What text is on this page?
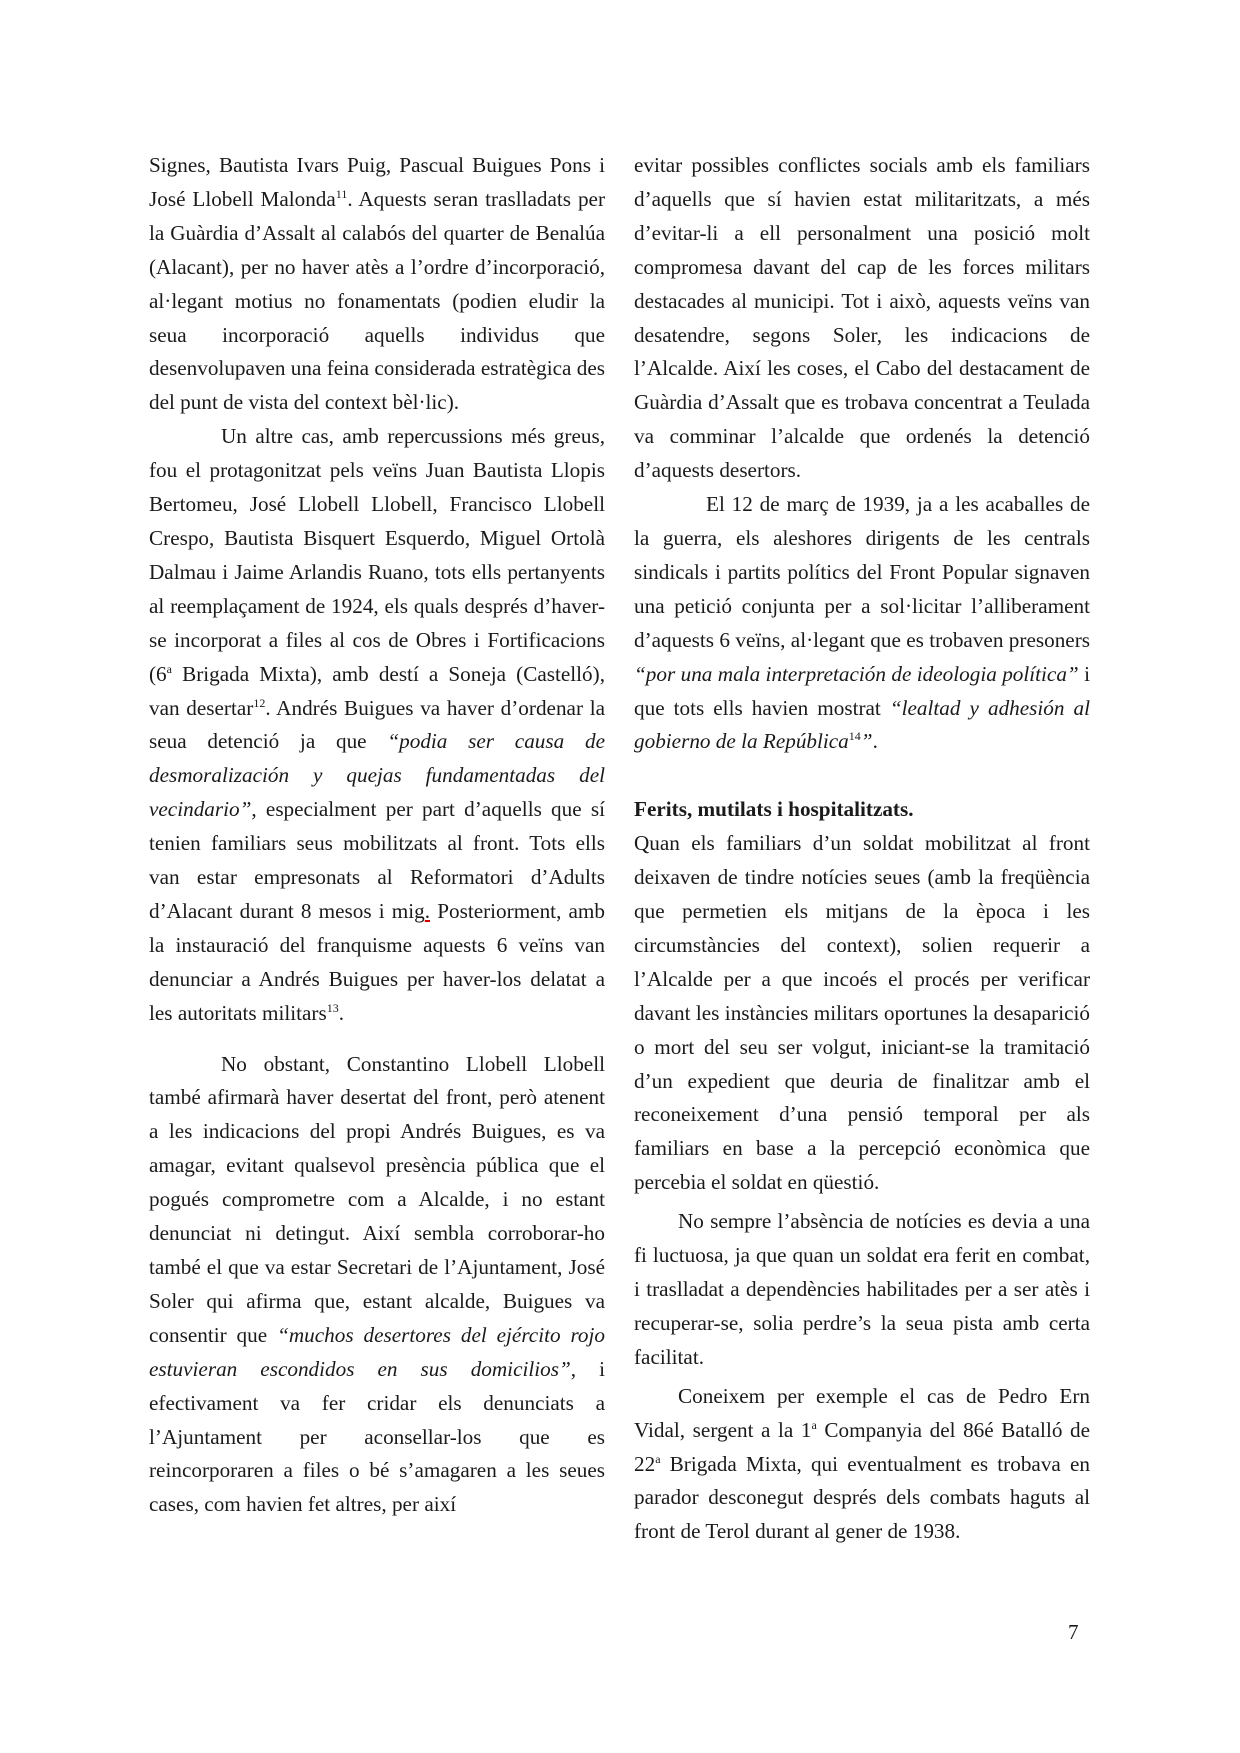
Signes, Bautista Ivars Puig, Pascual Buigues Pons i José Llobell Malonda$^{11}$. Aquests seran traslladats per la Guàrdia d’Assalt al calabós del quarter de Benalúa (Alacant), per no haver atès a l’ordre d’incorporació, al·legant motius no fonamentats (podien eludir la seua incorporació aquells individus que desenvolupaven una feina considerada estratègica des del punt de vista del context bèl·lic).

Un altre cas, amb repercussions més greus, fou el protagonitzat pels veïns Juan Bautista Llopis Bertomeu, José Llobell Llobell, Francisco Llobell Crespo, Bautista Bisquert Esquerdo, Miguel Ortolà Dalmau i Jaime Arlandis Ruano, tots ells pertanyents al reemplaçament de 1924, els quals després d’haver-se incorporat a files al cos de Obres i Fortificacions (6$^a$ Brigada Mixta), amb destí a Soneja (Castelló), van desertar$^{12}$. Andrés Buigues va haver d’ordenar la seua detenció ja que “podia ser causa de desmoralización y quejas fundamentadas del vecindario”, especialment per part d’aquells que sí tenien familiars seus mobilitzats al front. Tots ells van estar empresonats al Reformatori d’Adults d’Alacant durant 8 mesos i mig. Posteriorment, amb la instauració del franquisme aquests 6 veïns van denunciar a Andrés Buigues per haver-los delatat a les autoritats militars$^{13}$.

No obstant, Constantino Llobell Llobell també afirmarà haver desertat del front, però atenent a les indicacions del propi Andrés Buigues, es va amagar, evitant qualsevol presència pública que el pogués comprometre com a Alcalde, i no estant denunciat ni detingut. Així sembla corroborar-ho també el que va estar Secretari de l’Ajuntament, José Soler qui afirma que, estant alcalde, Buigues va consentir que “muchos desertores del ejército rojo estuvieran escondidos en sus domicilios”, i efectivament va fer cridar els denunciats a l’Ajuntament per aconsellar-los que es reincorporaren a files o bé s’amagaren a les seues cases, com havien fet altres, per així

evitar possibles conflictes socials amb els familiars d’aquells que sí havien estat militaritzats, a més d’evitar-li a ell personalment una posició molt compromesa davant del cap de les forces militars destacades al municipi. Tot i això, aquests veïns van desatendre, segons Soler, les indicacions de l’Alcalde. Així les coses, el Cabo del destacament de Guàrdia d’Assalt que es trobava concentrat a Teulada va comminar l’alcalde que ordenés la detenció d’aquests desertors.

El 12 de març de 1939, ja a les acaballes de la guerra, els aleshores dirigents de les centrals sindicals i partits polítics del Front Popular signaven una petició conjunta per a sol·licitar l’alliberament d’aquests 6 veïns, al·legant que es trobaven presoners “por una mala interpretación de ideologia política” i que tots ells havien mostrat “lealtad y adhesión al gobierno de la República$^{14}$”.

Ferits, mutilats i hospitalitzats.

Quan els familiars d’un soldat mobilitzat al front deixaven de tindre notícies seues (amb la freqüència que permetien els mitjans de la època i les circumstàncies del context), solien requerir a l’Alcalde per a que incoés el procés per verificar davant les instàncies militars oportunes la desaparició o mort del seu ser volgut, iniciant-se la tramitació d’un expedient que deuria de finalitzar amb el reconeixement d’una pensió temporal per als familiars en base a la percepció econòmica que percebia el soldat en qüestió.

No sempre l’absència de notícies es devia a una fi luctuosa, ja que quan un soldat era ferit en combat, i traslladat a dependències habilitades per a ser atès i recuperar-se, solia perdre’s la seua pista amb certa facilitat.

Coneixem per exemple el cas de Pedro Ern Vidal, sergent a la 1$^a$ Companyia del 86é Batalló de 22$^a$ Brigada Mixta, qui eventualment es trobava en parador desconegut després dels combats haguts al front de Terol durant al gener de 1938.

7
